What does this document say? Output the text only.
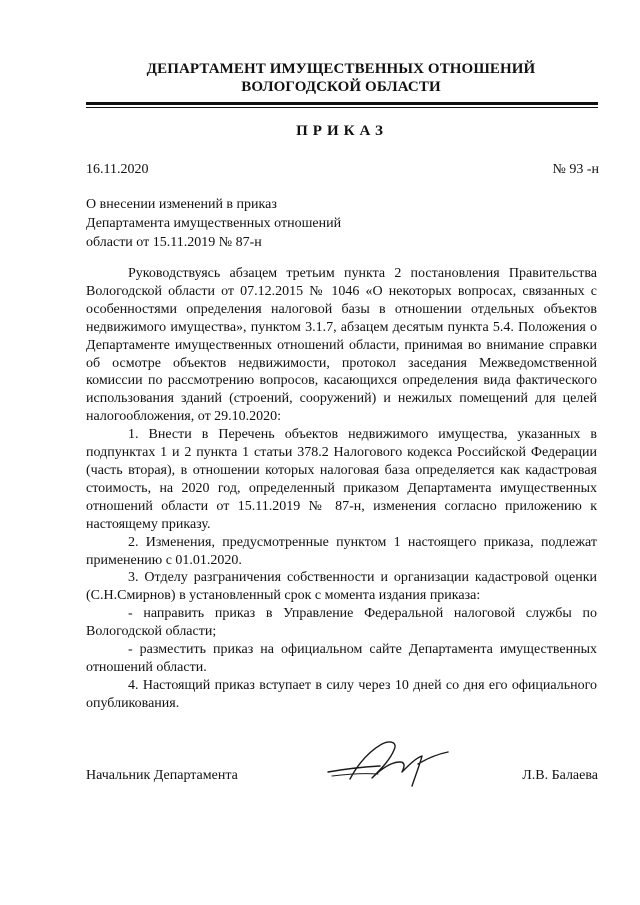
ДЕПАРТАМЕНТ ИМУЩЕСТВЕННЫХ ОТНОШЕНИЙ
ВОЛОГОДСКОЙ ОБЛАСТИ
ПРИКАЗ
16.11.2020	№ 93 -н
О внесении изменений в приказ
Департамента имущественных отношений
области от 15.11.2019 № 87-н

Руководствуясь абзацем третьим пункта 2 постановления Правительства Вологодской области от 07.12.2015 № 1046 «О некоторых вопросах, связанных с особенностями определения налоговой базы в отношении отдельных объектов недвижимого имущества», пунктом 3.1.7, абзацем десятым пункта 5.4. Положения о Департаменте имущественных отношений области, принимая во внимание справки об осмотре объектов недвижимости, протокол заседания Межведомственной комиссии по рассмотрению вопросов, касающихся определения вида фактического использования зданий (строений, сооружений) и нежилых помещений для целей налогообложения, от 29.10.2020:

1. Внести в Перечень объектов недвижимого имущества, указанных в подпунктах 1 и 2 пункта 1 статьи 378.2 Налогового кодекса Российской Федерации (часть вторая), в отношении которых налоговая база определяется как кадастровая стоимость, на 2020 год, определенный приказом Департамента имущественных отношений области от 15.11.2019 № 87-н, изменения согласно приложению к настоящему приказу.

2. Изменения, предусмотренные пунктом 1 настоящего приказа, подлежат применению с 01.01.2020.

3. Отделу разграничения собственности и организации кадастровой оценки (С.Н.Смирнов) в установленный срок с момента издания приказа:

- направить приказ в Управление Федеральной налоговой службы по Вологодской области;

- разместить приказ на официальном сайте Департамента имущественных отношений области.

4. Настоящий приказ вступает в силу через 10 дней со дня его официального опубликования.

Начальник Департамента	Л.В. Балаева
